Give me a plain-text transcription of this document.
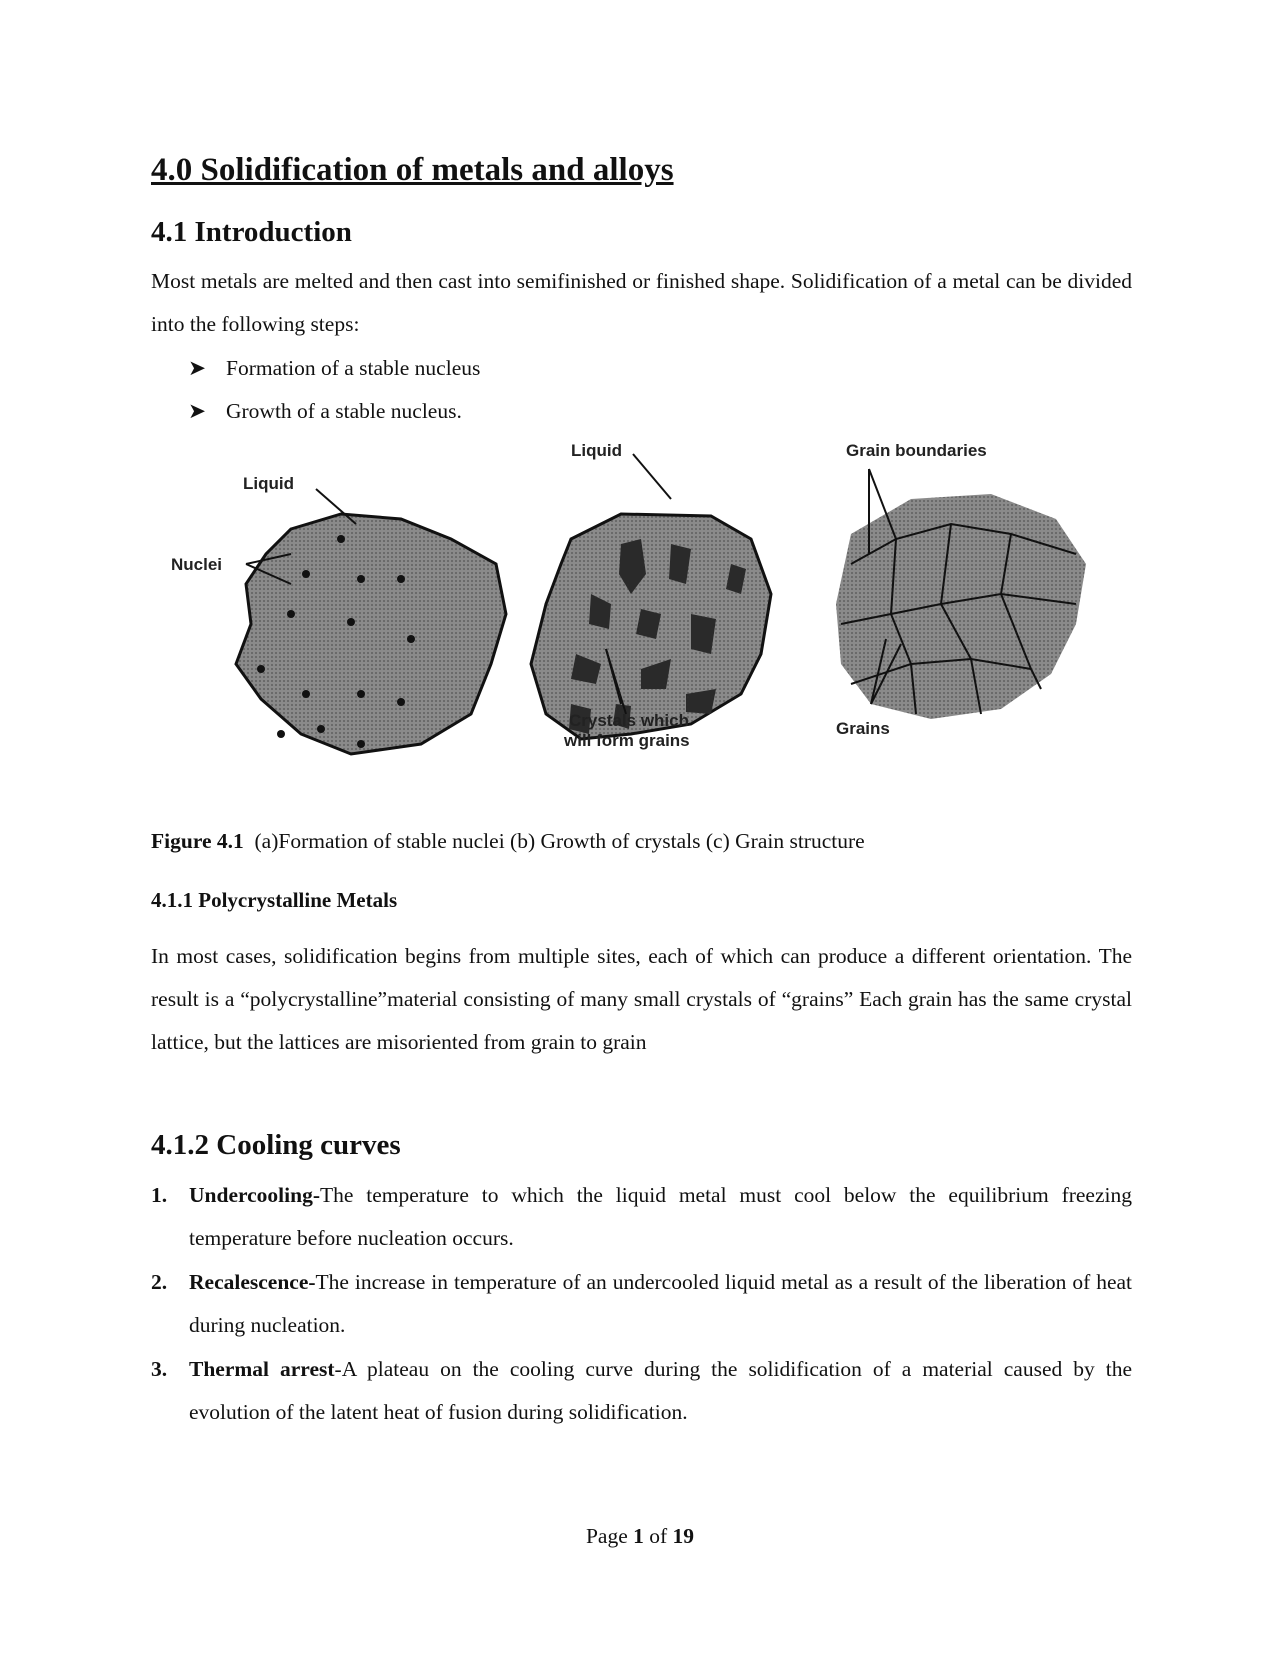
4.0 Solidification of metals and alloys
4.1 Introduction
Most metals are melted and then cast into semifinished or finished shape. Solidification of a metal can be divided into the following steps:
➤ Formation of a stable nucleus
➤ Growth of a stable nucleus.
Liquid
Nuclei
Liquid
Crystals which
will form grains
Grain boundaries
Grains
Figure 4.1 (a)Formation of stable nuclei (b) Growth of crystals (c) Grain structure
4.1.1 Polycrystalline Metals
In most cases, solidification begins from multiple sites, each of which can produce a different orientation. The result is a “polycrystalline”material consisting of many small crystals of “grains” Each grain has the same crystal lattice, but the lattices are misoriented from grain to grain
4.1.2 Cooling curves
1. Undercooling-The temperature to which the liquid metal must cool below the equilibrium freezing temperature before nucleation occurs.
2. Recalescence-The increase in temperature of an undercooled liquid metal as a result of the liberation of heat during nucleation.
3. Thermal arrest-A plateau on the cooling curve during the solidification of a material caused by the evolution of the latent heat of fusion during solidification.
Page 1 of 19
